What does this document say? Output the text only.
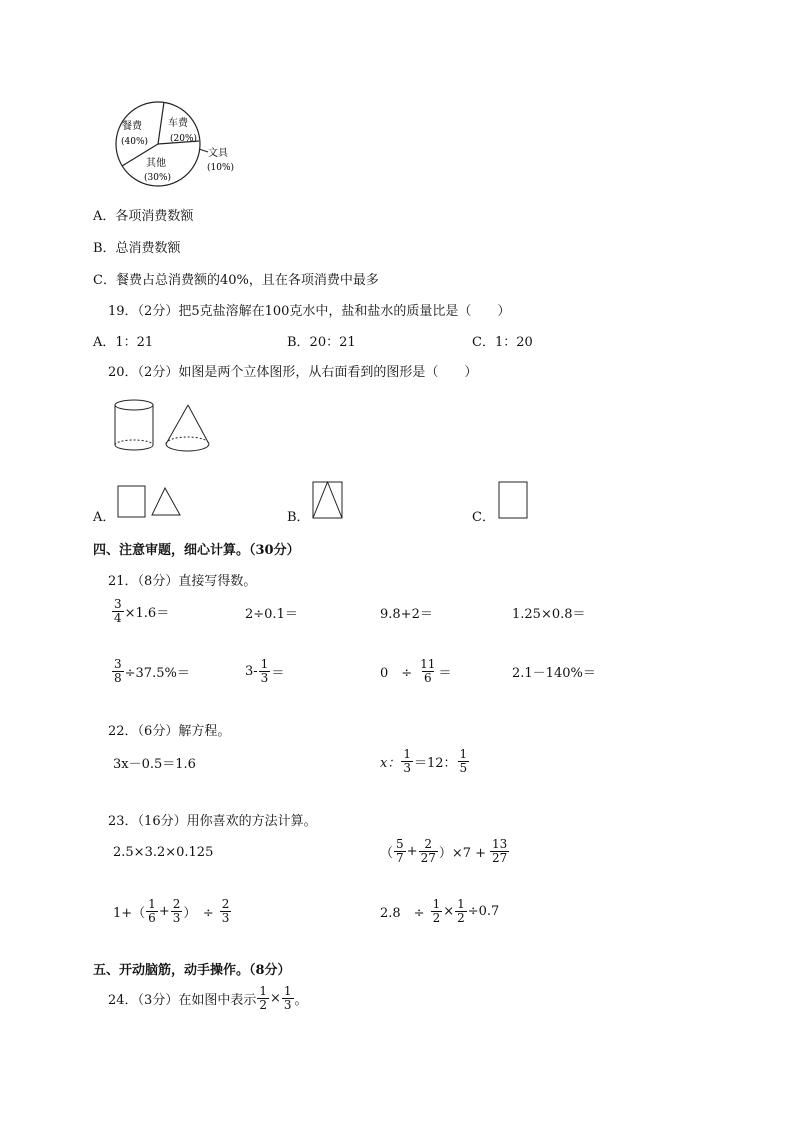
餐费
(40%)
车费
(20%)
其他
(30%)
文具
(10%)
A．各项消费数额
B．总消费数额
C．餐费占总消费额的40%，且在各项消费中最多
19．（2分）把5克盐溶解在100克水中，盐和盐水的质量比是（　　）
A．1：21	B．20：21	C．1：20
20．（2分）如图是两个立体图形，从右面看到的图形是（　　）
A．	B．	C．
四、注意审题，细心计算。（30分）
21．（8分）直接写得数。
$\frac{3}{4} \times 1.6=$	2÷0.1＝	9.8+2＝	1.25×0.8＝
$\frac{3}{8} \div 37.5\%=$	$3- \frac{1}{3}$ ＝	0　÷ $\frac{11}{6}$ ＝	2.1－140%＝
22．（6分）解方程。
3x－0.5＝1.6	x： $\frac{1}{3} =12$： $\frac{1}{5}$
23．（16分）用你喜欢的方法计算。
2.5×3.2×0.125	（ $\frac{5}{7} + \frac{2}{27} )\times 7 + \frac{13}{27}$
$1+( \frac{1}{6} + \frac{2}{3}$ ）　÷ $\frac{2}{3}$	2.8　÷ $\frac{1}{2} \times \frac{1}{2} \div 0.7$
五、开动脑筋，动手操作。（8分）
24．（3分）在如图中表示 $\frac{1}{2} \times \frac{1}{3}$ 。
